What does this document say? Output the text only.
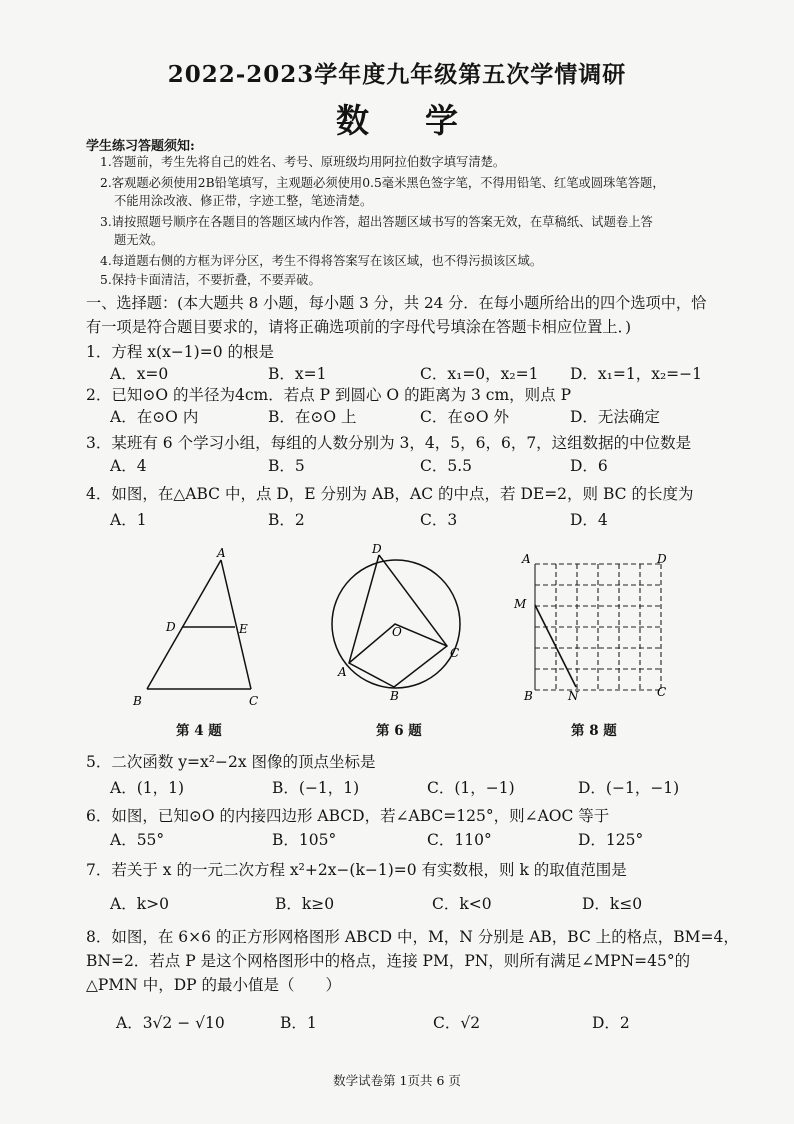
2022-2023学年度九年级第五次学情调研
数 学
学生练习答题须知:
1.答题前，考生先将自己的姓名、考号、原班级均用阿拉伯数字填写清楚。
2.客观题必须使用2B铅笔填写，主观题必须使用0.5毫米黑色签字笔，不得用铅笔、红笔或圆珠笔答题，
不能用涂改液、修正带，字迹工整，笔迹清楚。
3.请按照题号顺序在各题目的答题区域内作答，超出答题区域书写的答案无效，在草稿纸、试题卷上答
题无效。
4.每道题右侧的方框为评分区，考生不得将答案写在该区域，也不得污损该区域。
5.保持卡面清洁，不要折叠，不要弄破。
一、选择题：(本大题共 8 小题，每小题 3 分，共 24 分．在每小题所给出的四个选项中，恰
有一项是符合题目要求的，请将正确选项前的字母代号填涂在答题卡相应位置上．)
1．方程 x(x−1)=0 的根是
A．x=0	B．x=1	C．x₁=0，x₂=1 D．x₁=1，x₂=−1
2．已知⊙O 的半径为4cm．若点 P 到圆心 O 的距离为 3 cm，则点 P
A．在⊙O 内	B．在⊙O 上	C．在⊙O 外	D．无法确定
3．某班有 6 个学习小组，每组的人数分别为 3，4，5，6，6，7，这组数据的中位数是
A．4	B．5	C．5.5	D．6
4．如图，在△ABC 中，点 D，E 分别为 AB，AC 的中点，若 DE=2，则 BC 的长度为
A．1	B．2	C．3	D．4
A
D	E
B	C
第 4 题
D
O
A
B
C
第 6 题
A	D
M
B	N	C
第 8 题
5．二次函数 y=x²−2x 图像的顶点坐标是
A．(1，1)	B．(−1，1)	C．(1，−1)	D．(−1，−1)
6．如图，已知⊙O 的内接四边形 ABCD，若∠ABC=125°，则∠AOC 等于
A．55°	B．105°	C．110°	D．125°
7．若关于 x 的一元二次方程 x²+2x−(k−1)=0 有实数根，则 k 的取值范围是
A．k>0	B．k≥0	C．k<0	D．k≤0
8．如图，在 6×6 的正方形网格图形 ABCD 中，M，N 分别是 AB，BC 上的格点，BM=4，
BN=2．若点 P 是这个网格图形中的格点，连接 PM，PN，则所有满足∠MPN=45°的
△PMN 中，DP 的最小值是（　　）
A．3√2 − √10	B．1	C．√2	D．2
数学试卷第 1页共 6 页
